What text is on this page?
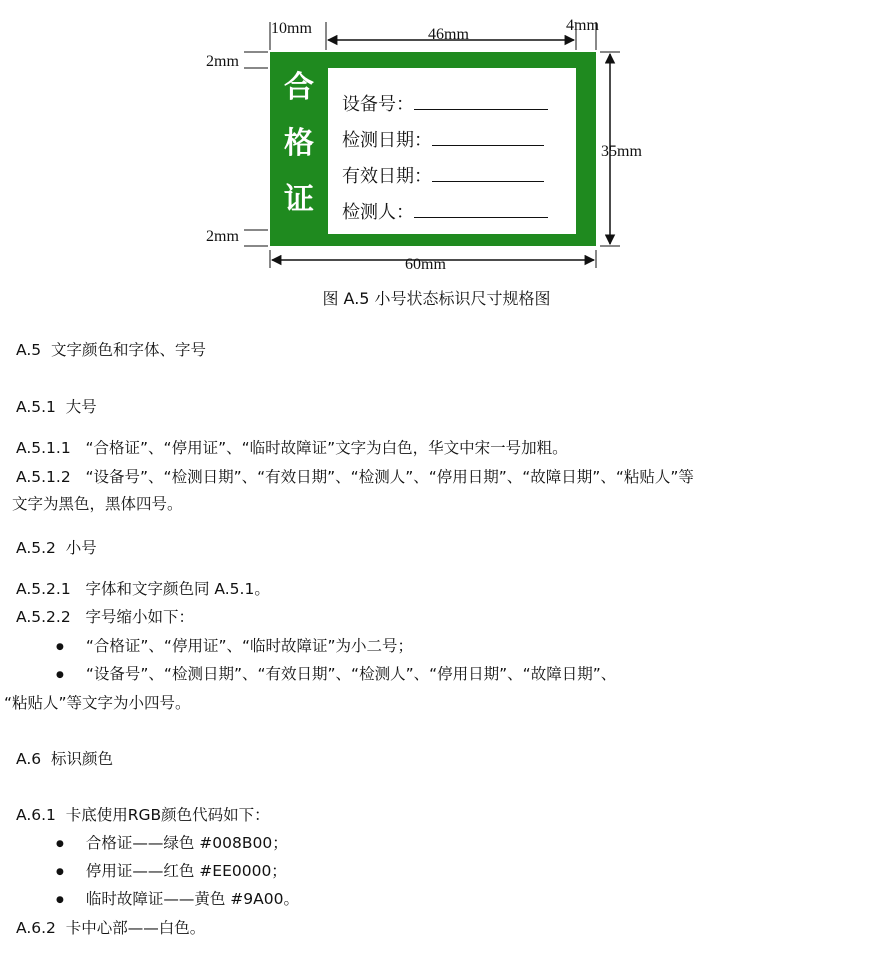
10mm	46mm
4mm
2mm
2mm
35mm
60mm
合
格
证
设备号：
检测日期：
有效日期：
检测人：
图 A.5 小号状态标识尺寸规格图
A.5  文字颜色和字体、字号
A.5.1  大号
A.5.1.1   “合格证”、“停用证”、“临时故障证”文字为白色，华文中宋一号加粗。
A.5.1.2   “设备号”、“检测日期”、“有效日期”、“检测人”、“停用日期”、“故障日期”、“粘贴人”等
文字为黑色，黑体四号。
A.5.2  小号
A.5.2.1   字体和文字颜色同 A.5.1。
A.5.2.2   字号缩小如下：
● “合格证”、“停用证”、“临时故障证”为小二号；
● “设备号”、“检测日期”、“有效日期”、“检测人”、“停用日期”、“故障日期”、
“粘贴人”等文字为小四号。
A.6  标识颜色
A.6.1  卡底使用RGB颜色代码如下：
● 合格证——绿色 #008B00；
● 停用证——红色 #EE0000；
● 临时故障证——黄色 #9A00。
A.6.2  卡中心部——白色。
